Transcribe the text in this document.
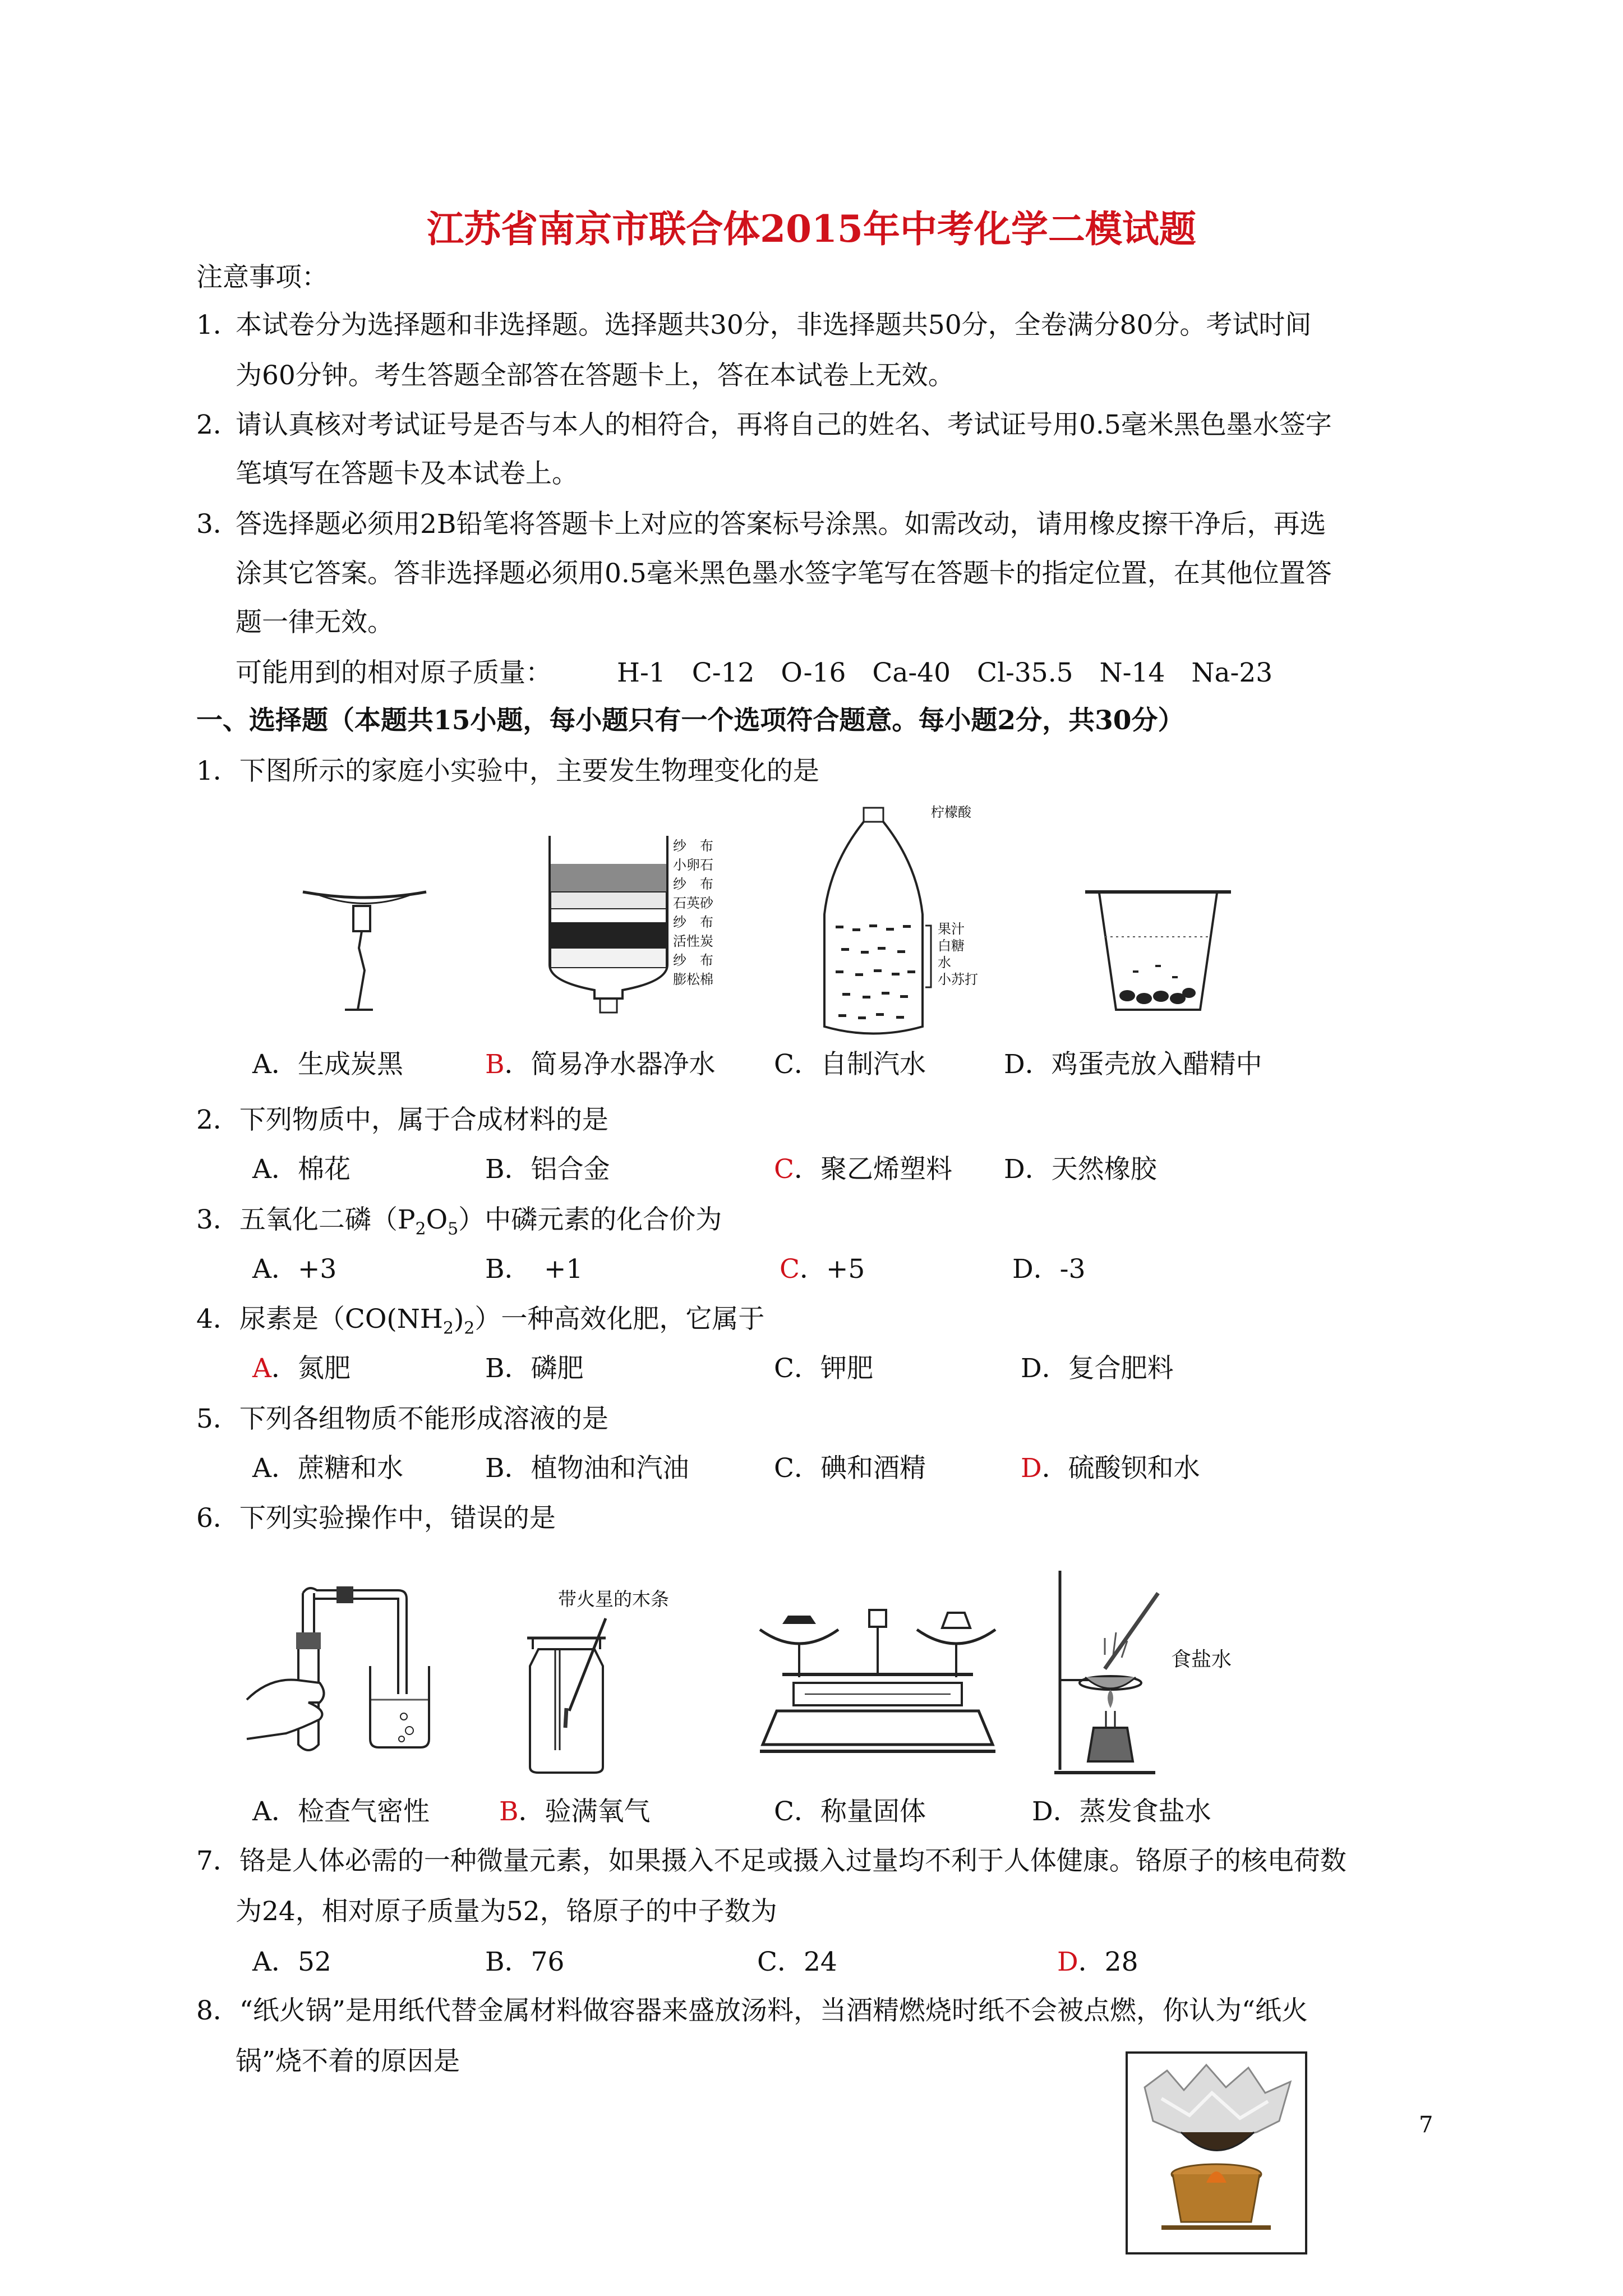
江苏省南京市联合体2015年中考化学二模试题
注意事项：
1．
本试卷分为选择题和非选择题。选择题共30分，非选择题共50分，全卷满分80分。考试时间
为60分钟。考生答题全部答在答题卡上，答在本试卷上无效。
2．
请认真核对考试证号是否与本人的相符合，再将自己的姓名、考试证号用0.5毫米黑色墨水签字
笔填写在答题卡及本试卷上。
3．
答选择题必须用2B铅笔将答题卡上对应的答案标号涂黑。如需改动，请用橡皮擦干净后，再选
涂其它答案。答非选择题必须用0.5毫米黑色墨水签字笔写在答题卡的指定位置，在其他位置答
题一律无效。
可能用到的相对原子质量： H-1　C-12　O-16　Ca-40　Cl-35.5　N-14　Na-23
一、选择题（本题共15小题，每小题只有一个选项符合题意。每小题2分，共30分）
1．下图所示的家庭小实验中，主要发生物理变化的是
纱　布
小卵石
纱　布
石英砂
纱　布
活性炭
纱　布
膨松棉
柠檬酸
果汁
白糖
水
小苏打
A．生成炭黑	B．简易净水器净水 C．自制汽水	D．鸡蛋壳放入醋精中
2．下列物质中，属于合成材料的是
A．棉花	B．铝合金	C．聚乙烯塑料 D．天然橡胶
3．五氧化二磷$(P_2O_5)$中磷元素的化合价为
A．+3	B．　+1	C．+5	D．-3
4．尿素是$(CO(NH_2)_2)$一种高效化肥，它属于
A．氮肥	B．磷肥	C．钾肥	D．复合肥料
5．下列各组物质不能形成溶液的是
A．蔗糖和水	B．植物油和汽油	C．碘和酒精	D．硫酸钡和水
6．下列实验操作中，错误的是
带火星的木条
食盐水
A．检查气密性	B．验满氧气	C．称量固体	D．蒸发食盐水
7．铬是人体必需的一种微量元素，如果摄入不足或摄入过量均不利于人体健康。铬原子的核电荷数
为24，相对原子质量为52，铬原子的中子数为
A．52	B．76	C．24	D．28
8．“纸火锅”是用纸代替金属材料做容器来盛放汤料，当酒精燃烧时纸不会被点燃，你认为“纸火
锅”烧不着的原因是
7
